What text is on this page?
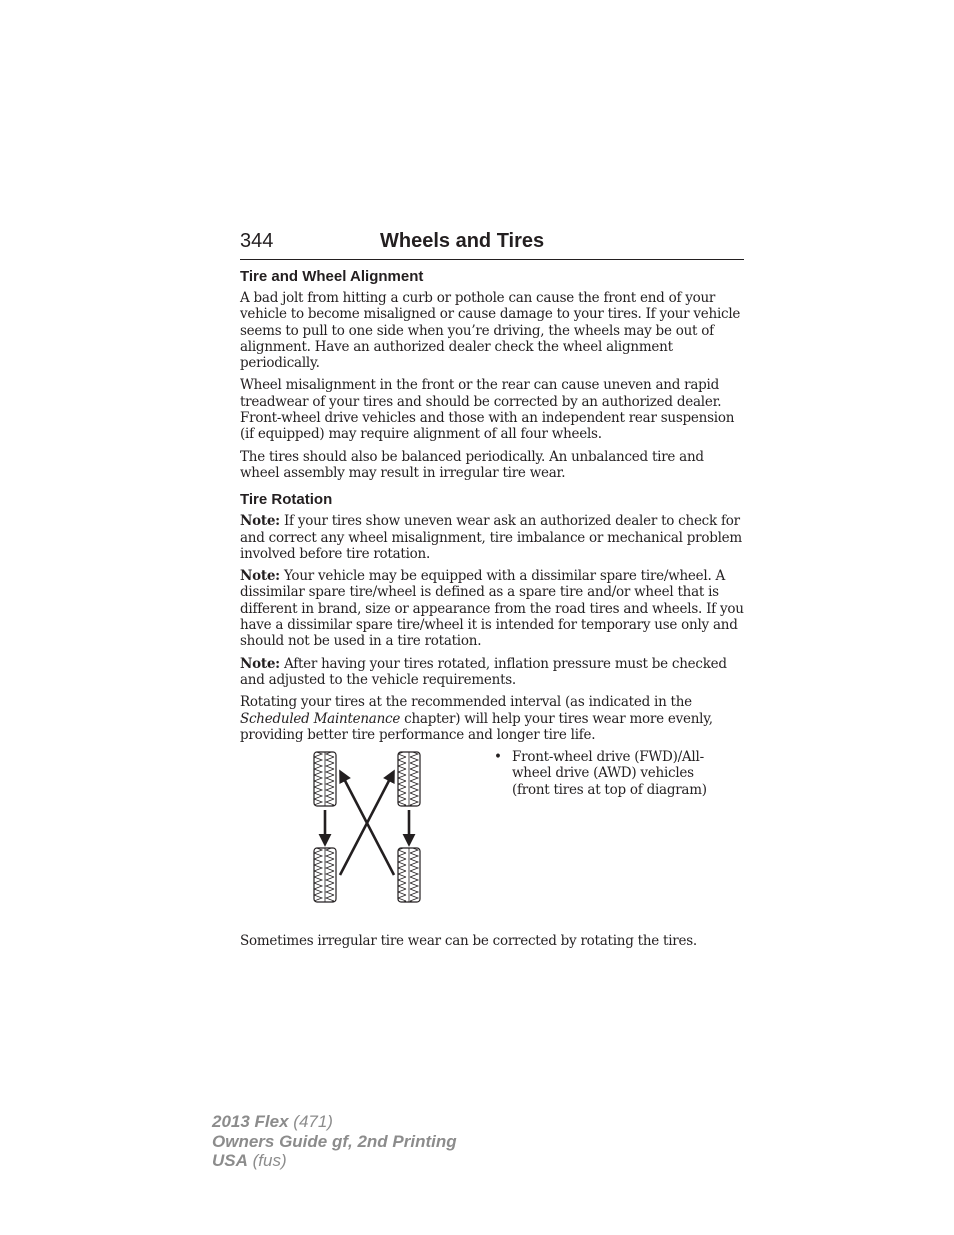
344	Wheels and Tires
Tire and Wheel Alignment

A bad jolt from hitting a curb or pothole can cause the front end of your vehicle to become misaligned or cause damage to your tires. If your vehicle seems to pull to one side when you’re driving, the wheels may be out of alignment. Have an authorized dealer check the wheel alignment periodically.

Wheel misalignment in the front or the rear can cause uneven and rapid treadwear of your tires and should be corrected by an authorized dealer. Front-wheel drive vehicles and those with an independent rear suspension (if equipped) may require alignment of all four wheels.

The tires should also be balanced periodically. An unbalanced tire and wheel assembly may result in irregular tire wear.

Tire Rotation

Note: If your tires show uneven wear ask an authorized dealer to check for and correct any wheel misalignment, tire imbalance or mechanical problem involved before tire rotation.

Note: Your vehicle may be equipped with a dissimilar spare tire/wheel. A dissimilar spare tire/wheel is defined as a spare tire and/or wheel that is different in brand, size or appearance from the road tires and wheels. If you have a dissimilar spare tire/wheel it is intended for temporary use only and should not be used in a tire rotation.

Note: After having your tires rotated, inflation pressure must be checked and adjusted to the vehicle requirements.

Rotating your tires at the recommended interval (as indicated in the Scheduled Maintenance chapter) will help your tires wear more evenly, providing better tire performance and longer tire life.

• Front-wheel drive (FWD)/All-wheel drive (AWD) vehicles (front tires at top of diagram)

Sometimes irregular tire wear can be corrected by rotating the tires.

2013 Flex (471)
Owners Guide gf, 2nd Printing
USA (fus)
